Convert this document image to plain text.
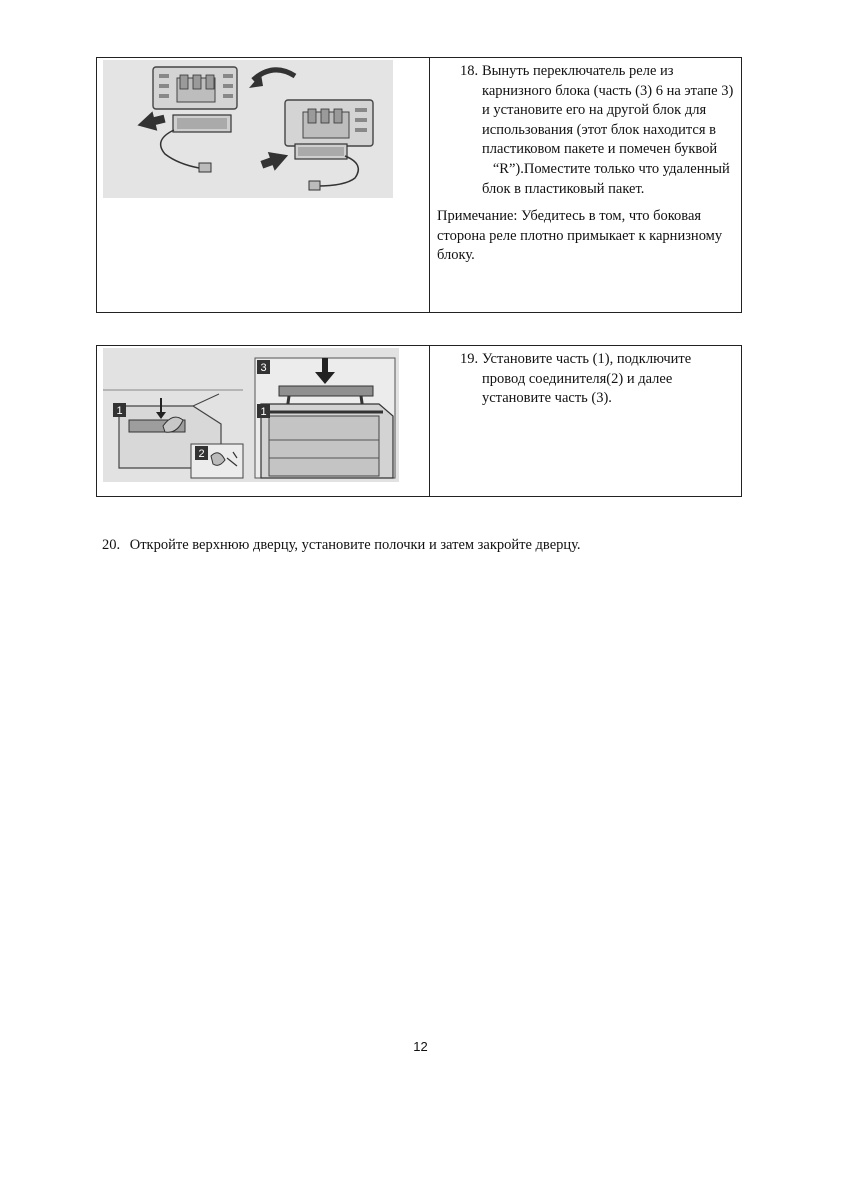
18. Вынуть переключатель реле из карнизного блока (часть (3) 6 на этапе 3) и установите его на другой блок для использования (этот блок находится в пластиковом пакете и помечен буквой    “R”).Поместите только что удаленный блок в пластиковый пакет.
Примечание: Убедитесь в том, что боковая сторона реле плотно примыкает к карнизному блоку.
1
2
3
1
19. Установите часть (1), подключите провод соединителя(2) и далее установите часть (3).
20. Откройте верхнюю дверцу, установите полочки и затем закройте дверцу.
12
